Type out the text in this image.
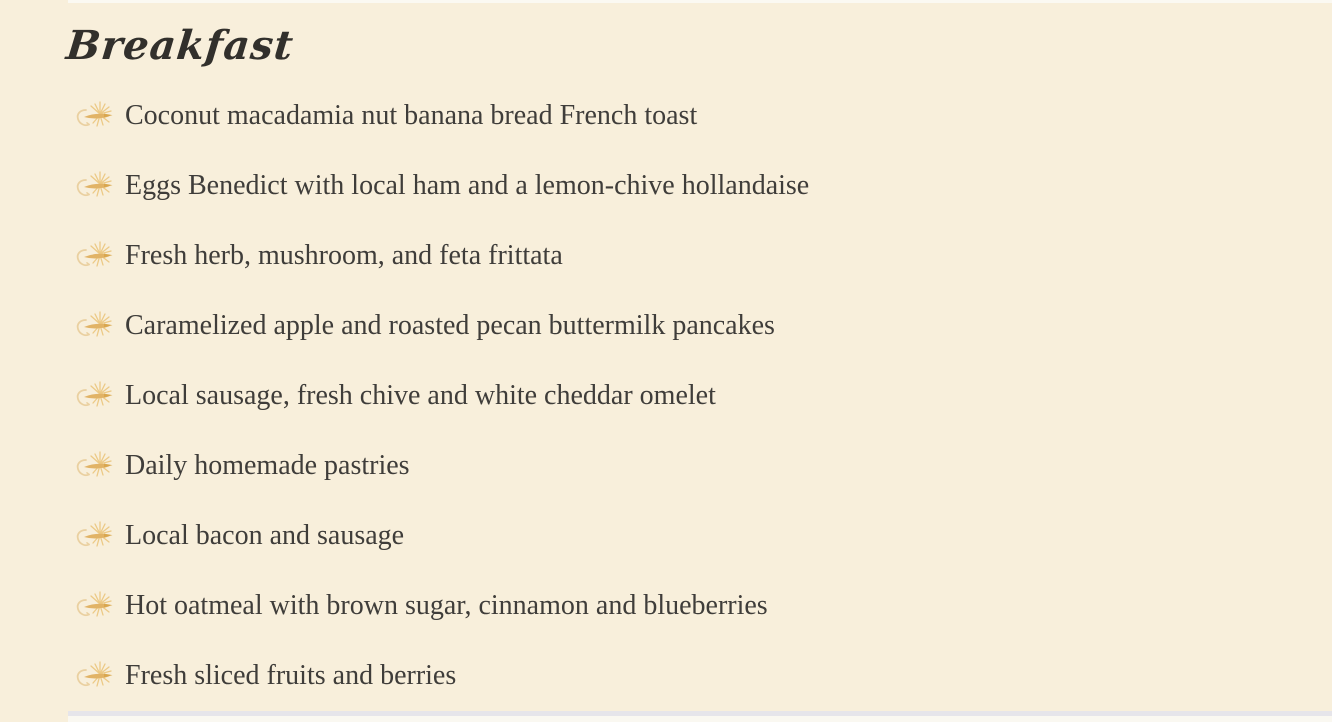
Breakfast
Coconut macadamia nut banana bread French toast
Eggs Benedict with local ham and a lemon-chive hollandaise
Fresh herb, mushroom, and feta frittata
Caramelized apple and roasted pecan buttermilk pancakes
Local sausage, fresh chive and white cheddar omelet
Daily homemade pastries
Local bacon and sausage
Hot oatmeal with brown sugar, cinnamon and blueberries
Fresh sliced fruits and berries
